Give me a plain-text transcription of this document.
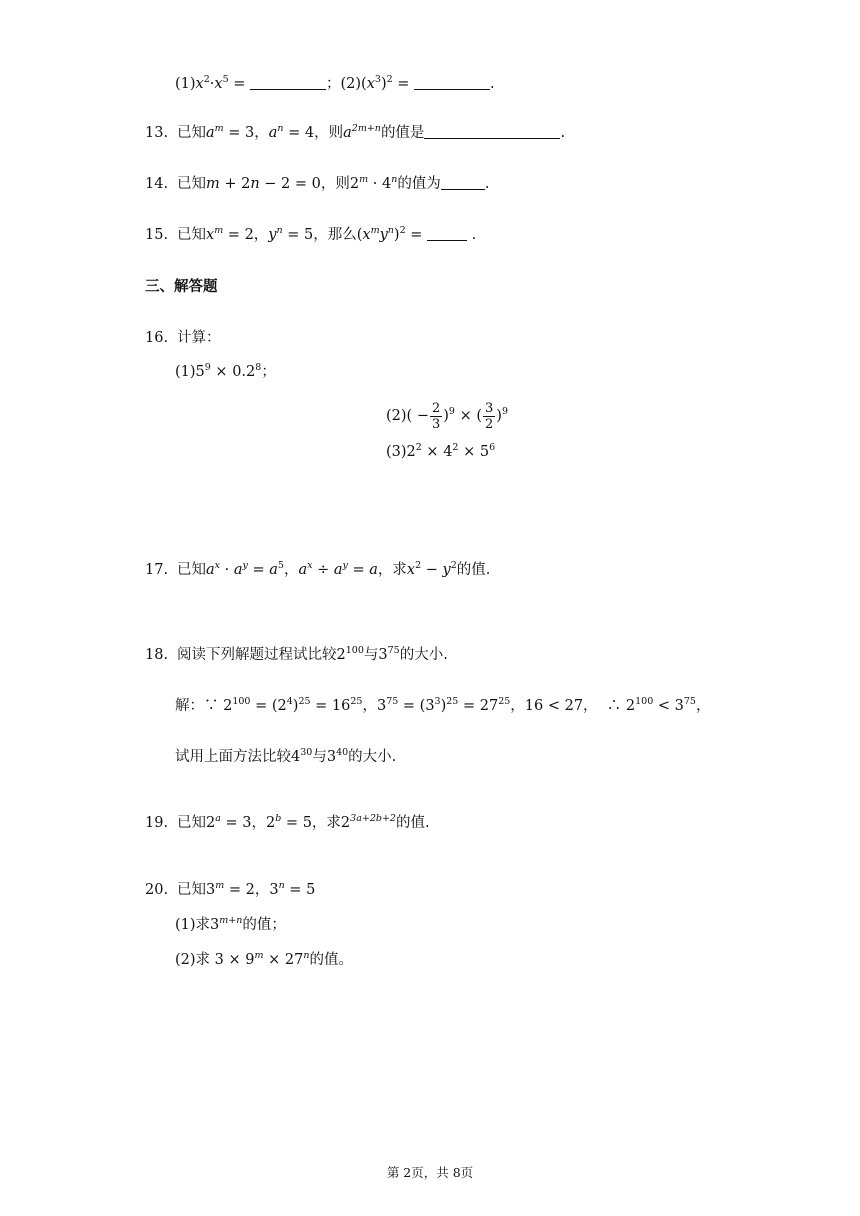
$(1)x^2\cdot x^5$ =	；$(2)(x^3)^2$ =	.
13. 已知$a^m = 3$，$a^n = 4$，则$a^{2m+n}$的值是	.
14. 已知m + 2n − 2 = 0，则$2^m \cdot 4^n$的值为	.
15. 已知$x^m = 2$，$y^n = 5$，那么$(x^my^n)^2$ =	.
三、解答题
16. 计算：
$(1)5^9 \times 0.2^8$；
$(2)( - \frac{2}{3} )^9$ × ( $\frac{3}{2} )^9$
$(3)2^2 \times 4^2 \times 5^6$
17. 已知$a^x \cdot a^y = a^5$，$a^x \div a^y = a$，求$x^2 - y^2$的值.
18. 阅读下列解题过程试比较$2^{100}$与$3^{75}$的大小.
解：∵ $2^{100} = (2^4)^{25} = 16^{25}$，$3^{75} = (3^3)^{25} = 27^{25}$，16 < 27，  ∴ $2^{100} < 3^{75}$，
试用上面方法比较$4^{30}$与$3^{40}$的大小.
19. 已知$2^a = 3$，$2^b = 5$，求$2^{3a+2b+2}$的值.
20. 已知$3^m = 2$，$3^n = 5$
(1)求$3^{m+n}$的值；
(2)求 $3 \times 9^m \times 27^n$的值。
第 2页，共 8页
